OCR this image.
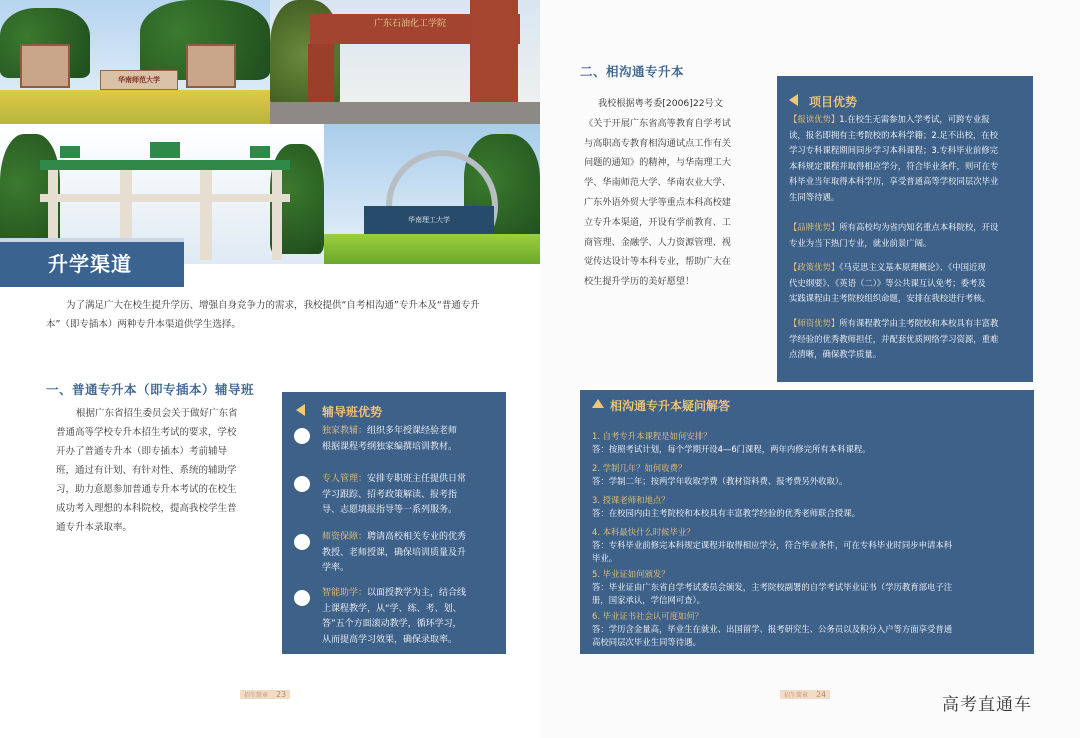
华南师范大学
广东石油化工学院
华南理工大学
升学渠道
为了满足广大在校生提升学历、增强自身竞争力的需求，我校提供“自考相沟通”专升本及“普通专升
本”（即专插本）两种专升本渠道供学生选择。
一、普通专升本（即专插本）辅导班
根据广东省招生委员会关于做好广东省
普通高等学校专升本招生考试的要求，学校
开办了普通专升本（即专插本）考前辅导
班，通过有计划、有针对性、系统的辅助学
习，助力意愿参加普通专升本考试的在校生
成功考入理想的本科院校，提高我校学生普
通专升本录取率。
辅导班优势
独家教辅：组织多年授课经验老师
根据课程考纲独家编撰培训教材。
专人管理：安排专职班主任提供日常
学习跟踪、招考政策解读、报考指
导、志愿填报指导等一系列服务。
师资保障：聘请高校相关专业的优秀
教授、老师授课，确保培训质量及升
学率。
智能助学：以面授教学为主，结合线
上课程教学，从“学、练、考、划、
答”五个方面滚动教学，循环学习，
从而提高学习效果，确保录取率。
招生简章 23
二、相沟通专升本
我校根据粤考委[2006]22号文
《关于开展广东省高等教育自学考试
与高职高专教育相沟通试点工作有关
问题的通知》的精神，与华南理工大
学、华南师范大学、华南农业大学、
广东外语外贸大学等重点本科高校建
立专升本渠道，开设有学前教育、工
商管理、金融学、人力资源管理、视
觉传达设计等本科专业，帮助广大在
校生提升学历的美好愿望！
项目优势
【报读优势】1.在校生无需参加入学考试，可跨专业报
读，报名即拥有主考院校的本科学籍；2.足不出校，在校
学习专科课程期间同步学习本科课程；3.专科毕业前修完
本科规定课程并取得相应学分，符合毕业条件，则可在专
科毕业当年取得本科学历，享受普通高等学校同层次毕业
生同等待遇。
【品牌优势】所有高校均为省内知名重点本科院校，开设
专业为当下热门专业，就业前景广阔。
【政策优势】《马克思主义基本原理概论》、《中国近现
代史纲要》、《英语（二）》等公共课互认免考；委考及
实践课程由主考院校组织命题，安排在我校进行考核。
【师资优势】所有课程教学由主考院校和本校具有丰富教
学经验的优秀教师担任，并配套优质网络学习资源，重难
点清晰，确保教学质量。
相沟通专升本疑问解答
1. 自考专升本课程是如何安排？
答：按照考试计划，每个学期开设4—6门课程，两年内修完所有本科课程。
2. 学制几年？如何收费？
答：学制二年；按两学年收取学费（教材资料费、报考费另外收取）。
3. 授课老师和地点？
答：在校园内由主考院校和本校具有丰富教学经验的优秀老师联合授课。
4. 本科最快什么时候毕业？
答：专科毕业前修完本科规定课程并取得相应学分，符合毕业条件，可在专科毕业时同步申请本科
毕业。
5. 毕业证如何颁发？
答：毕业证由广东省自学考试委员会颁发，主考院校副署的自学考试毕业证书（学历教育部电子注
册，国家承认，学信网可查）。
6. 毕业证书社会认可度如何？
答：学历含金量高，毕业生在就业、出国留学、报考研究生、公务员以及积分入户等方面享受普通
高校同层次毕业生同等待遇。
招生简章 24
高考直通车
